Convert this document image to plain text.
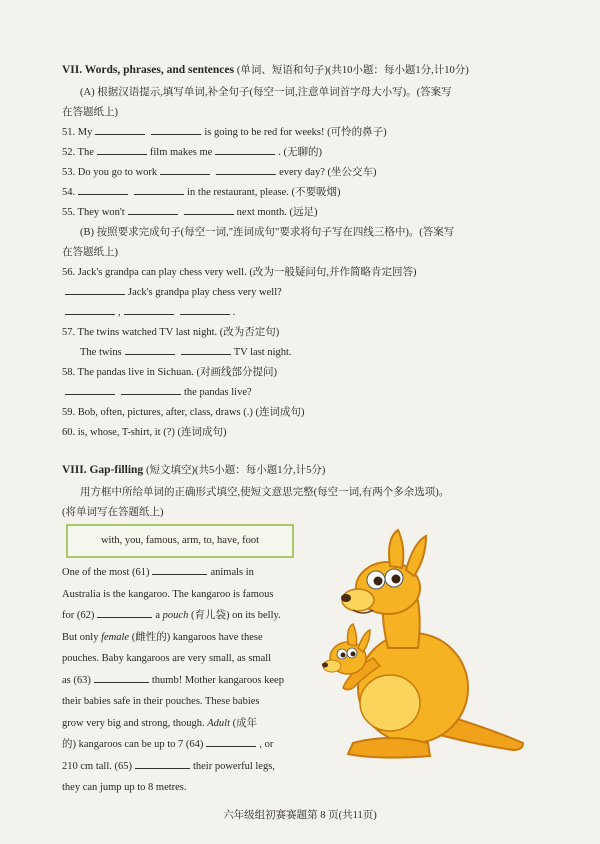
VII. Words, phrases, and sentences (单词、短语和句子)(共10小题：每小题1分,计10分)
(A) 根据汉语提示,填写单词,补全句子(每空一词,注意单词首字母大小写)。(答案写
在答题纸上)
51. My	is going to be red for weeks! (可怜的鼻子)
52. The	film makes me	. (无聊的)
53. Do you go to work	every day? (坐公交车)
54.	in the restaurant, please. (不要吸烟)
55. They won't	next month. (远足)
(B) 按照要求完成句子(每空一词,"连词成句"要求将句子写在四线三格中)。(答案写
在答题纸上)
56. Jack's grandpa can play chess very well. (改为一般疑问句,并作简略肯定回答)
Jack's grandpa play chess very well?
,	.
57. The twins watched TV last night. (改为否定句)
The twins	TV last night.
58. The pandas live in Sichuan. (对画线部分提问)
the pandas live?
59. Bob, often, pictures, after, class, draws (.) (连词成句)
60. is, whose, T-shirt, it (?) (连词成句)
VIII. Gap-filling (短文填空)(共5小题：每小题1分,计5分)
用方框中所给单词的正确形式填空,使短文意思完整(每空一词,有两个多余选项)。
(将单词写在答题纸上)
with, you, famous, arm, to, have, foot
One of the most (61)	animals in
Australia is the kangaroo. The kangaroo is famous
for (62)	a pouch (育儿袋) on its belly.
But only female (雌性的) kangaroos have these
pouches. Baby kangaroos are very small, as small
as (63)	thumb! Mother kangaroos keep
their babies safe in their pouches. These babies
grow very big and strong, though. Adult (成年
的) kangaroos can be up to 7 (64)	, or
210 cm tall. (65)	their powerful legs,
they can jump up to 8 metres.
六年级组初赛赛题第 8 页(共11页)
